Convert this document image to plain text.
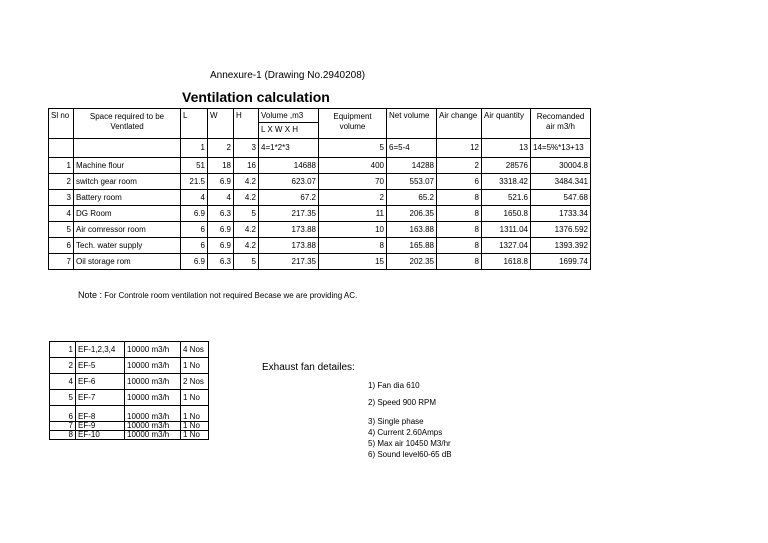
Annexure-1 (Drawing No.2940208)
Ventilation calculation
Sl no	Space required to be Ventlated	L	W	H	Volume ,m3	Equipment volume	Net volume	Air change	Air quantity	Recomanded air m3/h
					L X W X H					
		1	2	3	4=1*2*3	5	6=5-4	12	13	14=5%*13+13
1	Machine flour	51	18	16	14688	400	14288	2	28576	30004.8
2	switch gear room	21.5	6.9	4.2	623.07	70	553.07	6	3318.42	3484.341
3	Battery room	4	4	4.2	67.2	2	65.2	8	521.6	547.68
4	DG Room	6.9	6.3	5	217.35	11	206.35	8	1650.8	1733.34
5	Air comressor room	6	6.9	4.2	173.88	10	163.88	8	1311.04	1376.592
6	Tech. water supply	6	6.9	4.2	173.88	8	165.88	8	1327.04	1393.392
7	Oil storage rom	6.9	6.3	5	217.35	15	202.35	8	1618.8	1699.74
Note : For Controle room ventilation not required Becase we are providing AC.
1	EF-1,2,3,4	10000 m3/h	4 Nos
2	EF-5	10000 m3/h	1 No
4	EF-6	10000 m3/h	2 Nos
5	EF-7	10000 m3/h	1 No
6	EF-8	10000 m3/h	1 No
7	EF-9	10000 m3/h	1 No
8	EF-10	10000 m3/h	1 No
Exhaust fan detailes:
1) Fan dia 610
2) Speed 900 RPM
3) Single phase
4) Current 2.60Amps
5) Max air 10450 M3/hr
6) Sound level60-65 dB
